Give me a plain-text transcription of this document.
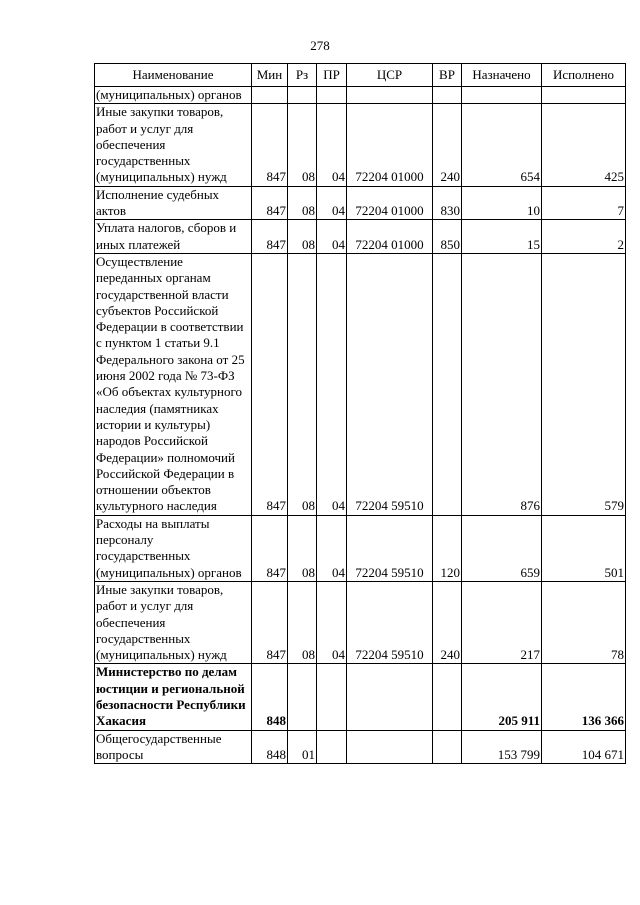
278
Наименование	Мин	Рз	ПР	ЦСР	ВР	Назначено	Исполнено
(муниципальных) органов							
Иные закупки товаров, работ и услуг для обеспечения государственных (муниципальных) нужд	847	08	04	72204 01000	240	654	425
Исполнение судебных актов	847	08	04	72204 01000	830	10	7
Уплата налогов, сборов и иных платежей	847	08	04	72204 01000	850	15	2
Осуществление переданных органам государственной власти субъектов Российской Федерации в соответствии с пунктом 1 статьи 9.1 Федерального закона от 25 июня 2002 года № 73-ФЗ «Об объектах культурного наследия (памятниках истории и культуры) народов Российской Федерации» полномочий Российской Федерации в отношении объектов культурного наследия	847	08	04	72204 59510		876	579
Расходы на выплаты персоналу государственных (муниципальных) органов	847	08	04	72204 59510	120	659	501
Иные закупки товаров, работ и услуг для обеспечения государственных (муниципальных) нужд	847	08	04	72204 59510	240	217	78
Министерство по делам юстиции и региональной безопасности Республики Хакасия	848					205 911	136 366
Общегосударственные вопросы	848	01				153 799	104 671
